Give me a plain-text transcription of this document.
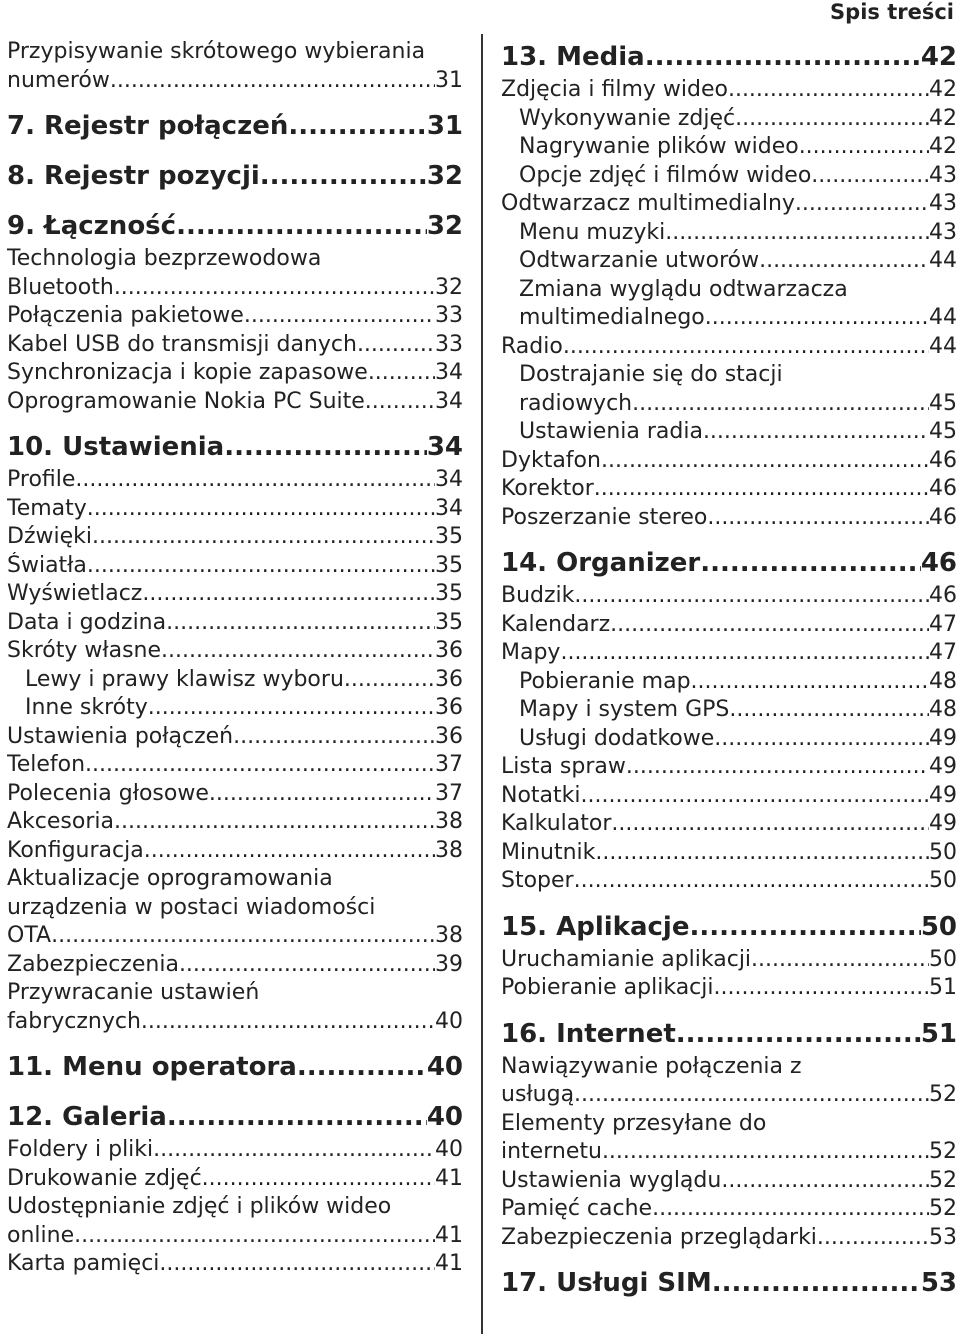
Spis treści
Przypisywanie skrótowego wybierania
numerów .....	31
7. Rejestr połączeń .....	31
8. Rejestr pozycji .....	32
9. Łączność .....	32
Technologia bezprzewodowa
Bluetooth .....	32
Połączenia pakietowe .....	33
Kabel USB do transmisji danych .....	33
Synchronizacja i kopie zapasowe .....	34
Oprogramowanie Nokia PC Suite .....	34
10. Ustawienia .....	34
Profile .....	34
Tematy .....	34
Dźwięki .....	35
Światła .....	35
Wyświetlacz .....	35
Data i godzina .....	35
Skróty własne .....	36
Lewy i prawy klawisz wyboru .....	36
Inne skróty .....	36
Ustawienia połączeń .....	36
Telefon .....	37
Polecenia głosowe .....	37
Akcesoria .....	38
Konfiguracja .....	38
Aktualizacje oprogramowania
urządzenia w postaci wiadomości
OTA .....	38
Zabezpieczenia .....	39
Przywracanie ustawień
fabrycznych .....	40
11. Menu operatora .....	40
12. Galeria .....	40
Foldery i pliki .....	40
Drukowanie zdjęć .....	41
Udostępnianie zdjęć i plików wideo
online .....	41
Karta pamięci .....	41
13. Media .....	42
Zdjęcia i filmy wideo .....	42
Wykonywanie zdjęć .....	42
Nagrywanie plików wideo .....	42
Opcje zdjęć i filmów wideo .....	43
Odtwarzacz multimedialny .....	43
Menu muzyki .....	43
Odtwarzanie utworów .....	44
Zmiana wyglądu odtwarzacza
multimedialnego .....	44
Radio .....	44
Dostrajanie się do stacji
radiowych .....	45
Ustawienia radia .....	45
Dyktafon .....	46
Korektor .....	46
Poszerzanie stereo .....	46
14. Organizer .....	46
Budzik .....	46
Kalendarz .....	47
Mapy .....	47
Pobieranie map .....	48
Mapy i system GPS .....	48
Usługi dodatkowe .....	49
Lista spraw .....	49
Notatki .....	49
Kalkulator .....	49
Minutnik .....	50
Stoper .....	50
15. Aplikacje .....	50
Uruchamianie aplikacji .....	50
Pobieranie aplikacji .....	51
16. Internet .....	51
Nawiązywanie połączenia z
usługą .....	52
Elementy przesyłane do
internetu .....	52
Ustawienia wyglądu .....	52
Pamięć cache .....	52
Zabezpieczenia przeglądarki .....	53
17. Usługi SIM .....	53
